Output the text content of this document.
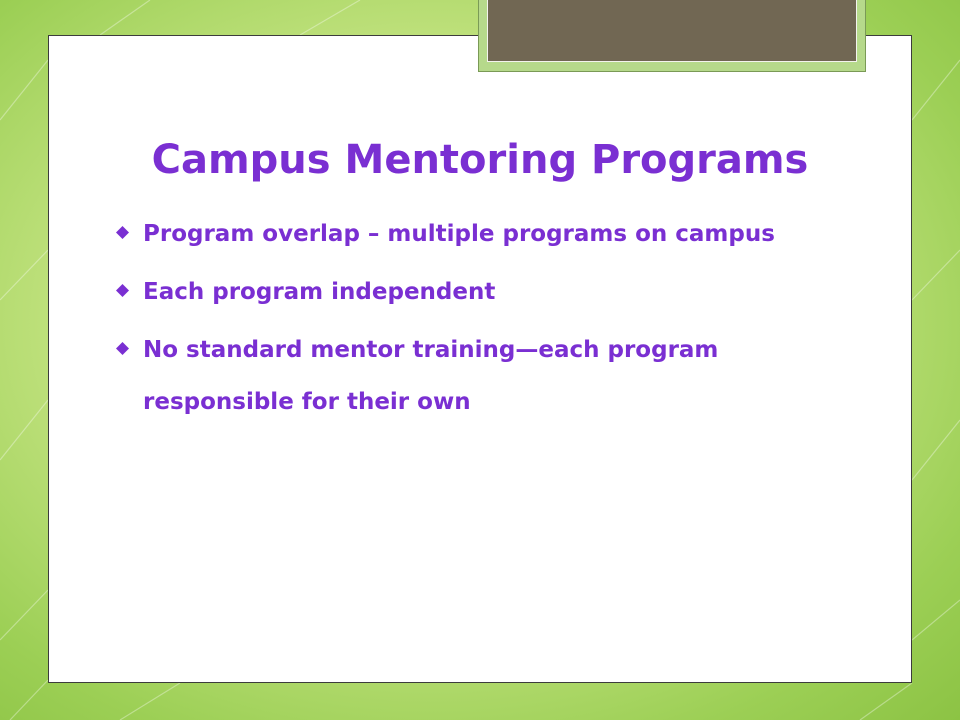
Campus Mentoring Programs
Program overlap – multiple programs on campus
Each program independent
No standard mentor training—each program responsible for their own
